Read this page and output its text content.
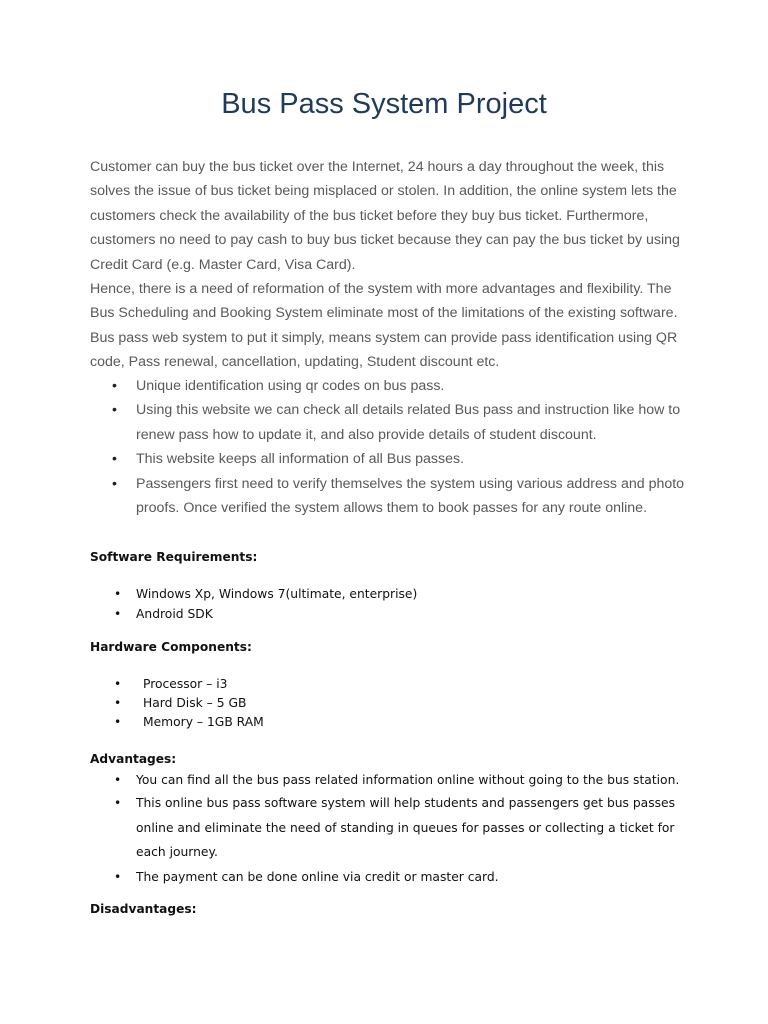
Bus Pass System Project

Customer can buy the bus ticket over the Internet, 24 hours a day throughout the week, this solves the issue of bus ticket being misplaced or stolen. In addition, the online system lets the customers check the availability of the bus ticket before they buy bus ticket. Furthermore, customers no need to pay cash to buy bus ticket because they can pay the bus ticket by using Credit Card (e.g. Master Card, Visa Card).

Hence, there is a need of reformation of the system with more advantages and flexibility. The Bus Scheduling and Booking System eliminate most of the limitations of the existing software. Bus pass web system to put it simply, means system can provide pass identification using QR code, Pass renewal, cancellation, updating, Student discount etc.

• Unique identification using qr codes on bus pass.
• Using this website we can check all details related Bus pass and instruction like how to renew pass how to update it, and also provide details of student discount.
• This website keeps all information of all Bus passes.
• Passengers first need to verify themselves the system using various address and photo proofs. Once verified the system allows them to book passes for any route online.
Software Requirements:
• Windows Xp, Windows 7(ultimate, enterprise)
• Android SDK
Hardware Components:
• Processor – i3
• Hard Disk – 5 GB
• Memory – 1GB RAM
Advantages:
• You can find all the bus pass related information online without going to the bus station.
• This online bus pass software system will help students and passengers get bus passes online and eliminate the need of standing in queues for passes or collecting a ticket for each journey.
• The payment can be done online via credit or master card.
Disadvantages:
